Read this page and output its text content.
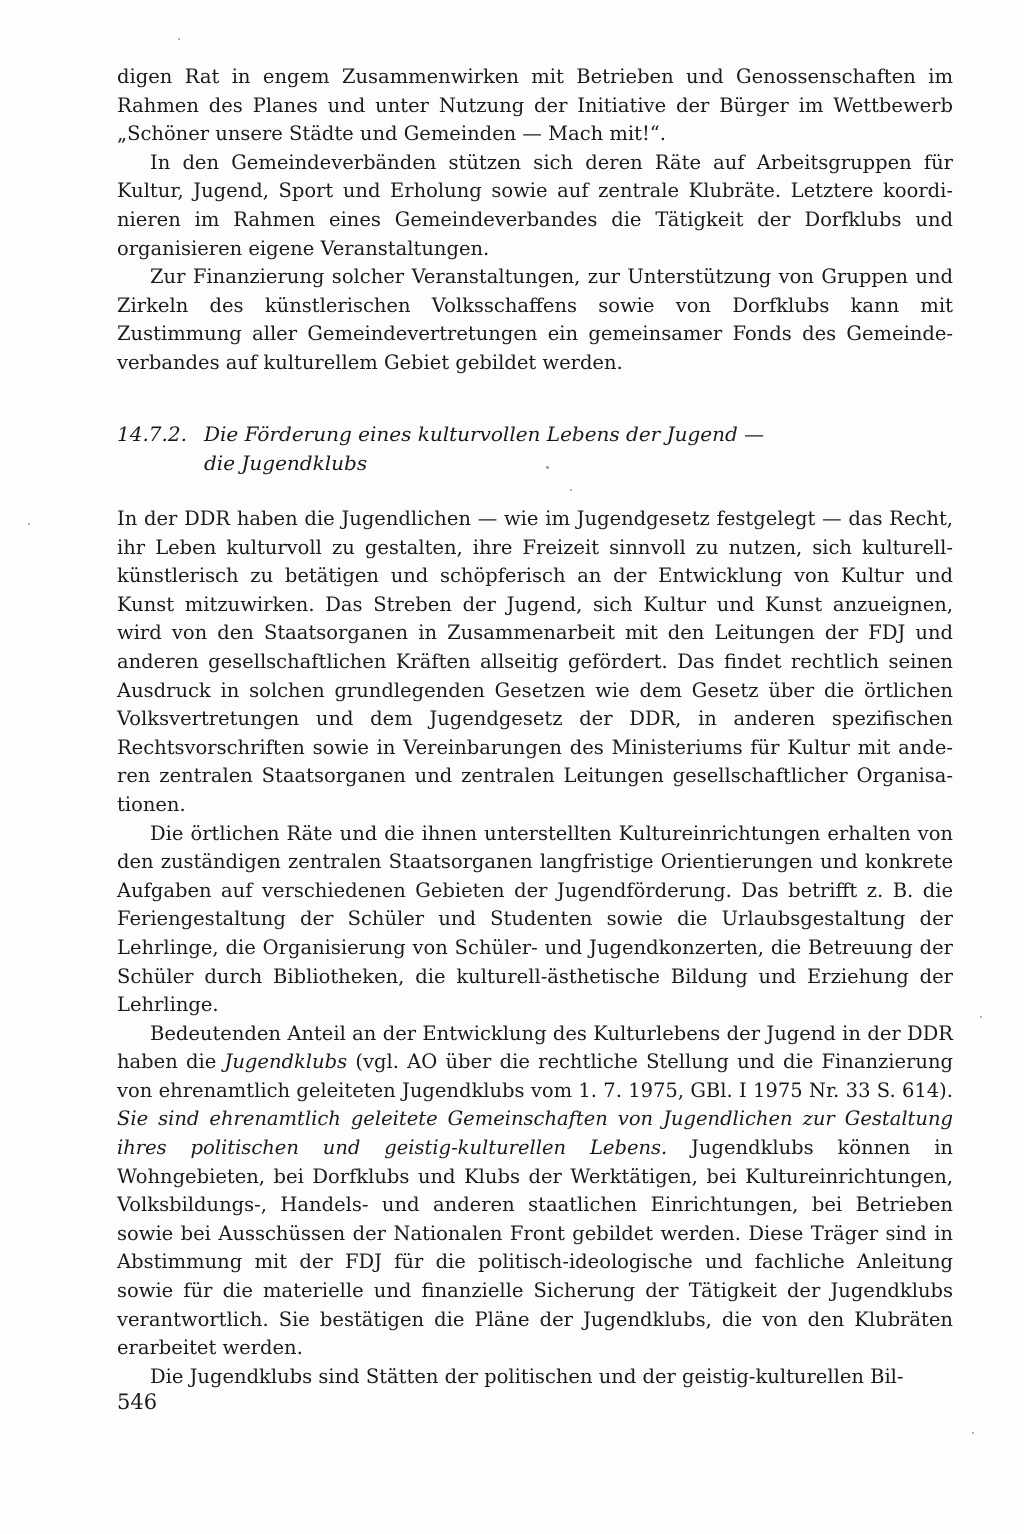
digen Rat in engem Zusammenwirken mit Betrieben und Genossenschaften im Rahmen des Planes und unter Nutzung der Initiative der Bürger im Wettbewerb „Schöner unsere Städte und Gemeinden — Mach mit!“.

In den Gemeindeverbänden stützen sich deren Räte auf Arbeitsgruppen für Kultur, Jugend, Sport und Erholung sowie auf zentrale Klubräte. Letztere koordinieren im Rahmen eines Gemeindeverbandes die Tätigkeit der Dorfklubs und organisieren eigene Veranstaltungen.

Zur Finanzierung solcher Veranstaltungen, zur Unterstützung von Gruppen und Zirkeln des künstlerischen Volksschaffens sowie von Dorfklubs kann mit Zustimmung aller Gemeindevertretungen ein gemeinsamer Fonds des Gemeindeverbandes auf kulturellem Gebiet gebildet werden.

14.7.2. Die Förderung eines kulturvollen Lebens der Jugend —
die Jugendklubs

In der DDR haben die Jugendlichen — wie im Jugendgesetz festgelegt — das Recht, ihr Leben kulturvoll zu gestalten, ihre Freizeit sinnvoll zu nutzen, sich kulturellkünstlerisch zu betätigen und schöpferisch an der Entwicklung von Kultur und Kunst mitzuwirken. Das Streben der Jugend, sich Kultur und Kunst anzueignen, wird von den Staatsorganen in Zusammenarbeit mit den Leitungen der FDJ und anderen gesellschaftlichen Kräften allseitig gefördert. Das findet rechtlich seinen Ausdruck in solchen grundlegenden Gesetzen wie dem Gesetz über die örtlichen Volksvertretungen und dem Jugendgesetz der DDR, in anderen spezifischen Rechtsvorschriften sowie in Vereinbarungen des Ministeriums für Kultur mit anderen zentralen Staatsorganen und zentralen Leitungen gesellschaftlicher Organisationen.

Die örtlichen Räte und die ihnen unterstellten Kultureinrichtungen erhalten von den zuständigen zentralen Staatsorganen langfristige Orientierungen und konkrete Aufgaben auf verschiedenen Gebieten der Jugendförderung. Das betrifft z. B. die Feriengestaltung der Schüler und Studenten sowie die Urlaubsgestaltung der Lehrlinge, die Organisierung von Schüler- und Jugendkonzerten, die Betreuung der Schüler durch Bibliotheken, die kulturell-ästhetische Bildung und Erziehung der Lehrlinge.

Bedeutenden Anteil an der Entwicklung des Kulturlebens der Jugend in der DDR haben die Jugendklubs (vgl. AO über die rechtliche Stellung und die Finanzierung von ehrenamtlich geleiteten Jugendklubs vom 1. 7. 1975, GBl. I 1975 Nr. 33 S. 614). Sie sind ehrenamtlich geleitete Gemeinschaften von Jugendlichen zur Gestaltung ihres politischen und geistig-kulturellen Lebens. Jugendklubs können in Wohngebieten, bei Dorfklubs und Klubs der Werktätigen, bei Kultureinrichtungen, Volksbildungs-, Handels- und anderen staatlichen Einrichtungen, bei Betrieben sowie bei Ausschüssen der Nationalen Front gebildet werden. Diese Träger sind in Abstimmung mit der FDJ für die politisch-ideologische und fachliche Anleitung sowie für die materielle und finanzielle Sicherung der Tätigkeit der Jugendklubs verantwortlich. Sie bestätigen die Pläne der Jugendklubs, die von den Klubräten erarbeitet werden.

Die Jugendklubs sind Stätten der politischen und der geistig-kulturellen Bil-

546
